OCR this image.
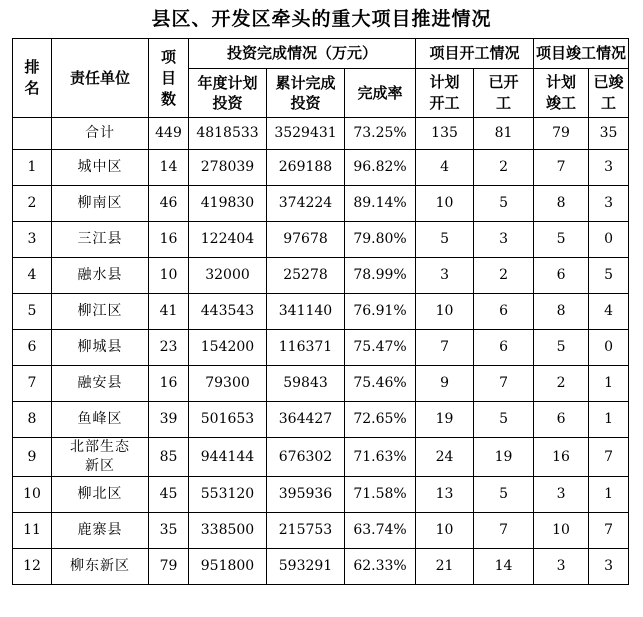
县区、开发区牵头的重大项目推进情况
排名	责任单位	项目数	投资完成情况（万元）			项目开工情况		项目竣工情况	
			年度计划投资	累计完成投资	完成率	计划开工	已开工	计划竣工	已竣工
	合计	449	4818533	3529431	73.25%	135	81	79	35
1	城中区	14	278039	269188	96.82%	4	2	7	3
2	柳南区	46	419830	374224	89.14%	10	5	8	3
3	三江县	16	122404	97678	79.80%	5	3	5	0
4	融水县	10	32000	25278	78.99%	3	2	6	5
5	柳江区	41	443543	341140	76.91%	10	6	8	4
6	柳城县	23	154200	116371	75.47%	7	6	5	0
7	融安县	16	79300	59843	75.46%	9	7	2	1
8	鱼峰区	39	501653	364427	72.65%	19	5	6	1
9	北部生态新区	85	944144	676302	71.63%	24	19	16	7
10	柳北区	45	553120	395936	71.58%	13	5	3	1
11	鹿寨县	35	338500	215753	63.74%	10	7	10	7
12	柳东新区	79	951800	593291	62.33%	21	14	3	3
